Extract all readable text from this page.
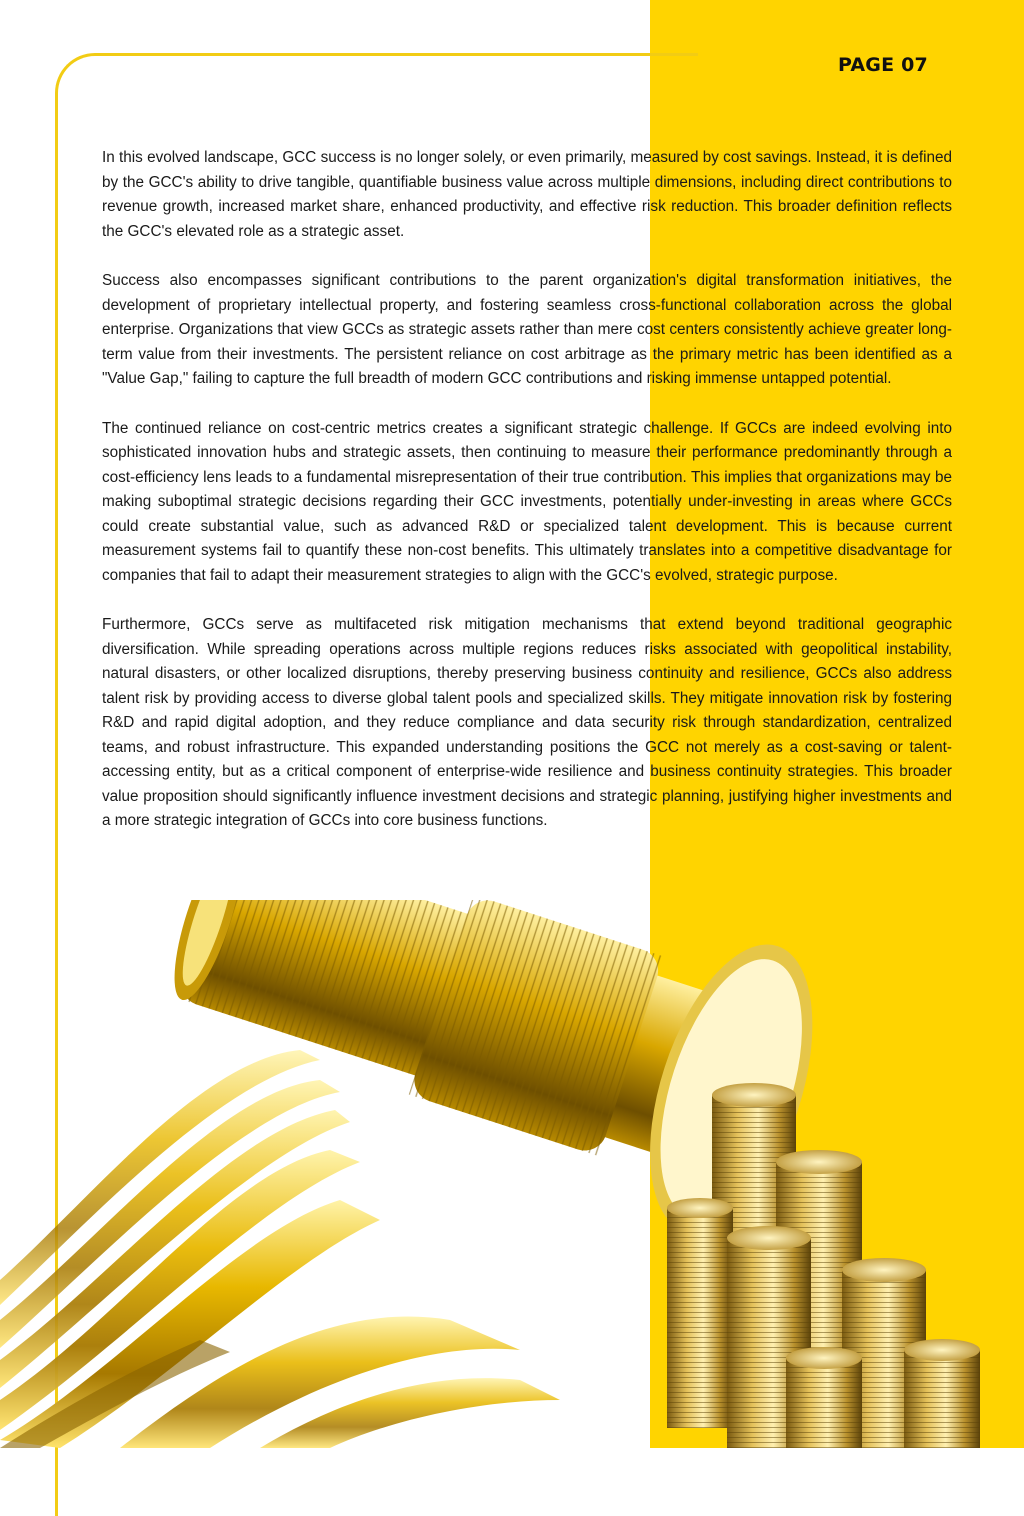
PAGE 07

In this evolved landscape, GCC success is no longer solely, or even primarily, measured by cost savings. Instead, it is defined by the GCC's ability to drive tangible, quantifiable business value across multiple dimensions, including direct contributions to revenue growth, increased market share, enhanced productivity, and effective risk reduction. This broader definition reflects the GCC's elevated role as a strategic asset.

Success also encompasses significant contributions to the parent organization's digital transformation initiatives, the development of proprietary intellectual property, and fostering seamless cross-functional collaboration across the global enterprise. Organizations that view GCCs as strategic assets rather than mere cost centers consistently achieve greater long-term value from their investments. The persistent reliance on cost arbitrage as the primary metric has been identified as a "Value Gap," failing to capture the full breadth of modern GCC contributions and risking immense untapped potential.

The continued reliance on cost-centric metrics creates a significant strategic challenge. If GCCs are indeed evolving into sophisticated innovation hubs and strategic assets, then continuing to measure their performance predominantly through a cost-efficiency lens leads to a fundamental misrepresentation of their true contribution. This implies that organizations may be making suboptimal strategic decisions regarding their GCC investments, potentially under-investing in areas where GCCs could create substantial value, such as advanced R&D or specialized talent development. This is because current measurement systems fail to quantify these non-cost benefits. This ultimately translates into a competitive disadvantage for companies that fail to adapt their measurement strategies to align with the GCC's evolved, strategic purpose.

Furthermore, GCCs serve as multifaceted risk mitigation mechanisms that extend beyond traditional geographic diversification. While spreading operations across multiple regions reduces risks associated with geopolitical instability, natural disasters, or other localized disruptions, thereby preserving business continuity and resilience, GCCs also address talent risk by providing access to diverse global talent pools and specialized skills. They mitigate innovation risk by fostering R&D and rapid digital adoption, and they reduce compliance and data security risk through standardization, centralized teams, and robust infrastructure. This expanded understanding positions the GCC not merely as a cost-saving or talent-accessing entity, but as a critical component of enterprise-wide resilience and business continuity strategies. This broader value proposition should significantly influence investment decisions and strategic planning, justifying higher investments and a more strategic integration of GCCs into core business functions.
